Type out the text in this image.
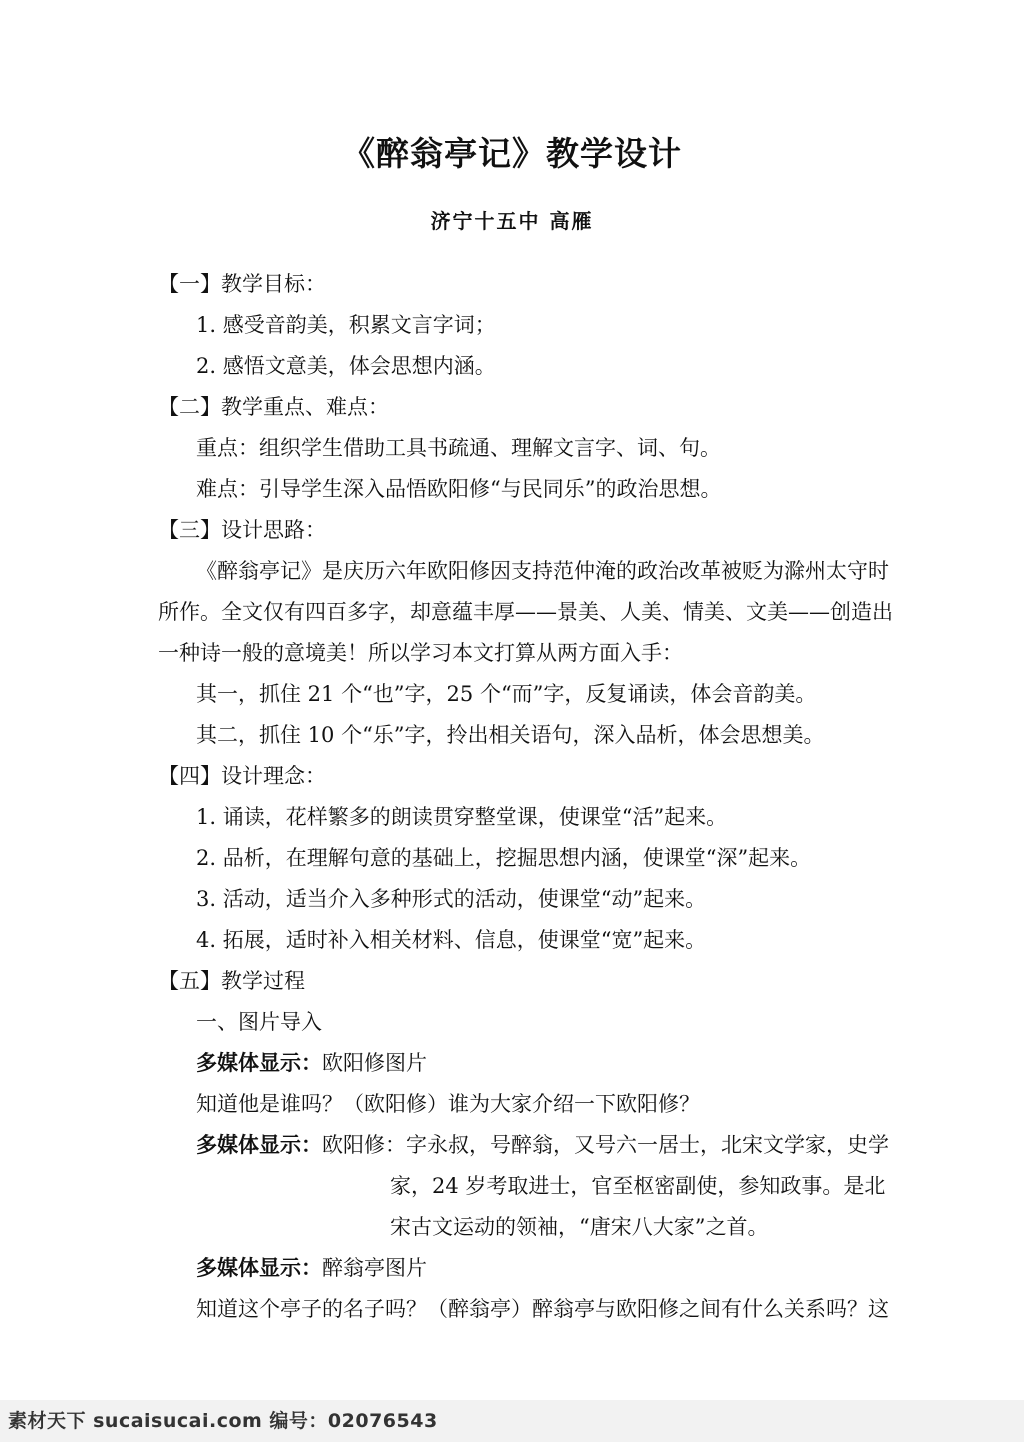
《醉翁亭记》教学设计
济宁十五中 高雁
【一】教学目标：
1. 感受音韵美，积累文言字词；
2. 感悟文意美，体会思想内涵。
【二】教学重点、难点：
重点：组织学生借助工具书疏通、理解文言字、词、句。
难点：引导学生深入品悟欧阳修“与民同乐”的政治思想。
【三】设计思路：
《醉翁亭记》是庆历六年欧阳修因支持范仲淹的政治改革被贬为滁州太守时
所作。全文仅有四百多字，却意蕴丰厚——景美、人美、情美、文美——创造出
一种诗一般的意境美！所以学习本文打算从两方面入手：
其一，抓住 21 个“也”字，25 个“而”字，反复诵读，体会音韵美。
其二，抓住 10 个“乐”字，拎出相关语句，深入品析，体会思想美。
【四】设计理念：
1. 诵读，花样繁多的朗读贯穿整堂课，使课堂“活”起来。
2. 品析，在理解句意的基础上，挖掘思想内涵，使课堂“深”起来。
3. 活动，适当介入多种形式的活动，使课堂“动”起来。
4. 拓展，适时补入相关材料、信息，使课堂“宽”起来。
【五】教学过程
一、图片导入
多媒体显示：欧阳修图片
知道他是谁吗？（欧阳修）谁为大家介绍一下欧阳修？
多媒体显示：欧阳修：字永叔，号醉翁，又号六一居士，北宋文学家，史学
家，24 岁考取进士，官至枢密副使，参知政事。是北
宋古文运动的领袖，“唐宋八大家”之首。
多媒体显示：醉翁亭图片
知道这个亭子的名子吗？（醉翁亭）醉翁亭与欧阳修之间有什么关系吗？这
素材天下 sucaisucai.com 编号：02076543
